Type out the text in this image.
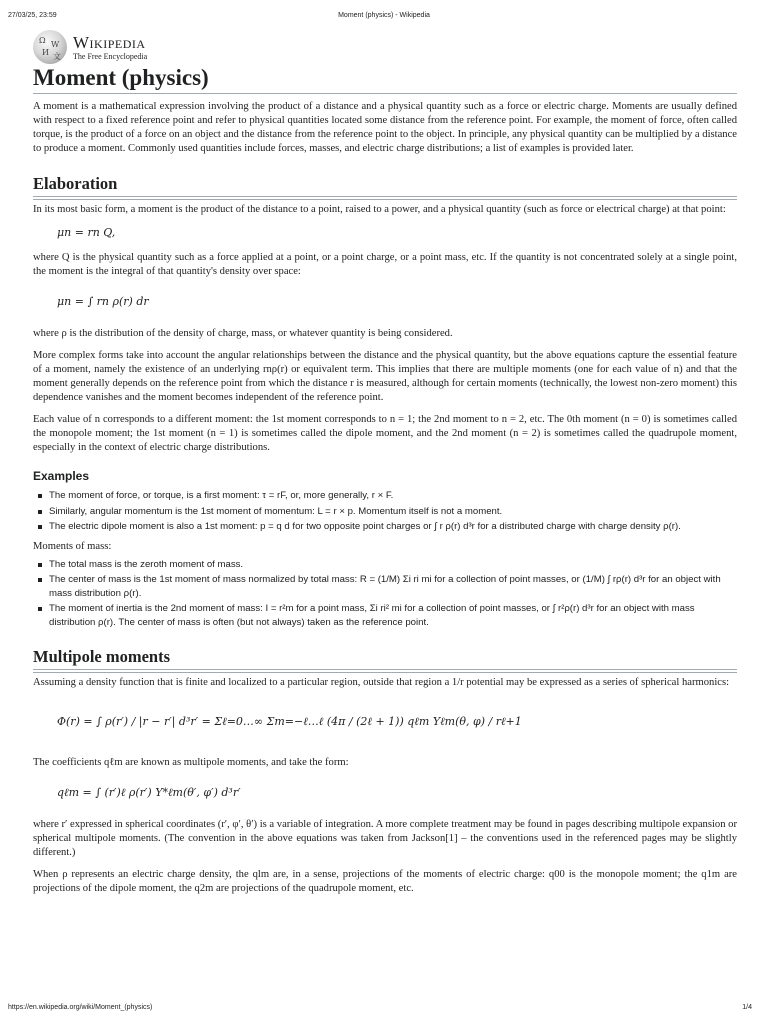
27/03/25, 23:59	Moment (physics) - Wikipedia
Ω W
И 文
Wikipedia
The Free Encyclopedia
Moment (physics)

A moment is a mathematical expression involving the product of a distance and a physical quantity such as a force or electric charge. Moments are usually defined with respect to a fixed reference point and refer to physical quantities located some distance from the reference point. For example, the moment of force, often called torque, is the product of a force on an object and the distance from the reference point to the object. In principle, any physical quantity can be multiplied by a distance to produce a moment. Commonly used quantities include forces, masses, and electric charge distributions; a list of examples is provided later.

Elaboration

In its most basic form, a moment is the product of the distance to a point, raised to a power, and a physical quantity (such as force or electrical charge) at that point:

μn = rn Q,

where Q is the physical quantity such as a force applied at a point, or a point charge, or a point mass, etc. If the quantity is not concentrated solely at a single point, the moment is the integral of that quantity's density over space:

μn = ∫ rn ρ(r) dr

where ρ is the distribution of the density of charge, mass, or whatever quantity is being considered.

More complex forms take into account the angular relationships between the distance and the physical quantity, but the above equations capture the essential feature of a moment, namely the existence of an underlying rnρ(r) or equivalent term. This implies that there are multiple moments (one for each value of n) and that the moment generally depends on the reference point from which the distance r is measured, although for certain moments (technically, the lowest non-zero moment) this dependence vanishes and the moment becomes independent of the reference point.

Each value of n corresponds to a different moment: the 1st moment corresponds to n = 1; the 2nd moment to n = 2, etc. The 0th moment (n = 0) is sometimes called the monopole moment; the 1st moment (n = 1) is sometimes called the dipole moment, and the 2nd moment (n = 2) is sometimes called the quadrupole moment, especially in the context of electric charge distributions.

Examples
The moment of force, or torque, is a first moment: τ = rF, or, more generally, r × F.
Similarly, angular momentum is the 1st moment of momentum: L = r × p. Momentum itself is not a moment.
The electric dipole moment is also a 1st moment: p = q d for two opposite point charges or ∫ r ρ(r) d³r for a distributed charge with charge density ρ(r).

Moments of mass:

The total mass is the zeroth moment of mass.
The center of mass is the 1st moment of mass normalized by total mass: R = (1/M) Σi ri mi for a collection of point masses, or (1/M) ∫ rρ(r) d³r for an object with mass distribution ρ(r).
The moment of inertia is the 2nd moment of mass: I = r²m for a point mass, Σi ri² mi for a collection of point masses, or ∫ r²ρ(r) d³r for an object with mass distribution ρ(r). The center of mass is often (but not always) taken as the reference point.
Multipole moments

Assuming a density function that is finite and localized to a particular region, outside that region a 1/r potential may be expressed as a series of spherical harmonics:

Φ(r) = ∫ ρ(r′) / |r − r′| d³r′ = Σℓ=0…∞ Σm=−ℓ…ℓ (4π / (2ℓ + 1)) qℓm Yℓm(θ, φ) / rℓ+1

The coefficients qℓm are known as multipole moments, and take the form:

qℓm = ∫ (r′)ℓ ρ(r′) Y*ℓm(θ′, φ′) d³r′

where r′ expressed in spherical coordinates (r′, φ′, θ′) is a variable of integration. A more complete treatment may be found in pages describing multipole expansion or spherical multipole moments. (The convention in the above equations was taken from Jackson[1] – the conventions used in the referenced pages may be slightly different.)

When ρ represents an electric charge density, the qlm are, in a sense, projections of the moments of electric charge: q00 is the monopole moment; the q1m are projections of the dipole moment, the q2m are projections of the quadrupole moment, etc.

https://en.wikipedia.org/wiki/Moment_(physics)	1/4
